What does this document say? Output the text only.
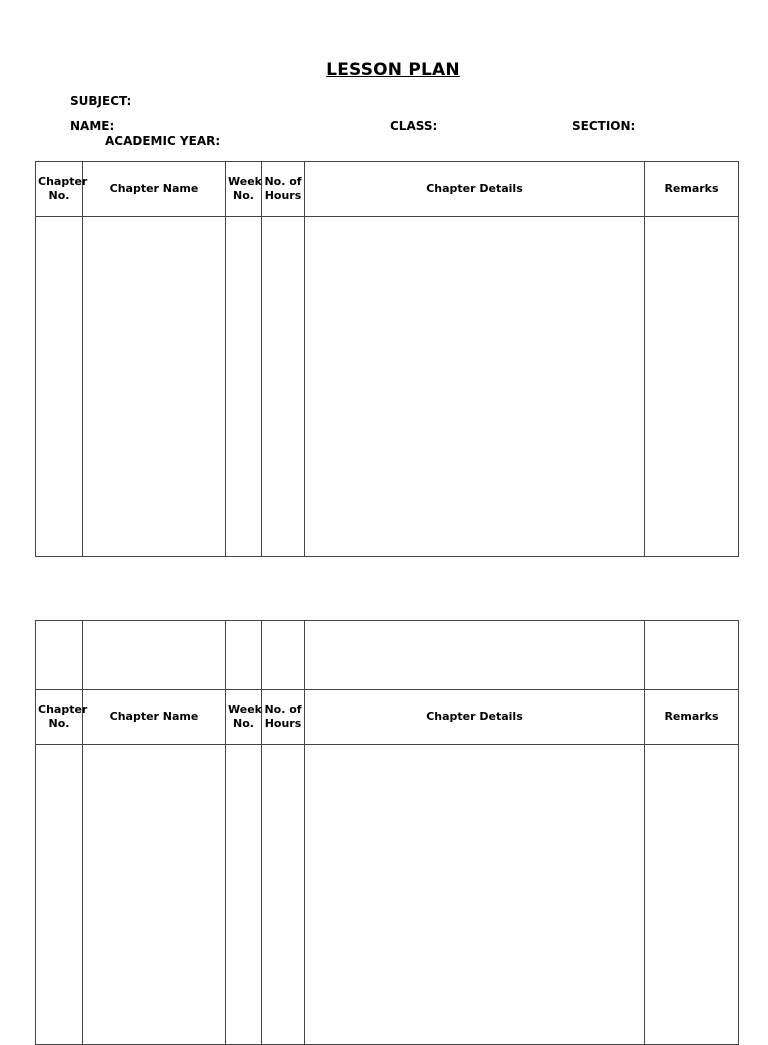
LESSON PLAN
SUBJECT:
NAME:
ACADEMIC YEAR:
CLASS:	SECTION:
Chapter No.	Chapter Name	Week No.	No. of Hours	Chapter Details	Remarks

Chapter No.	Chapter Name	Week No.	No. of Hours	Chapter Details	Remarks
